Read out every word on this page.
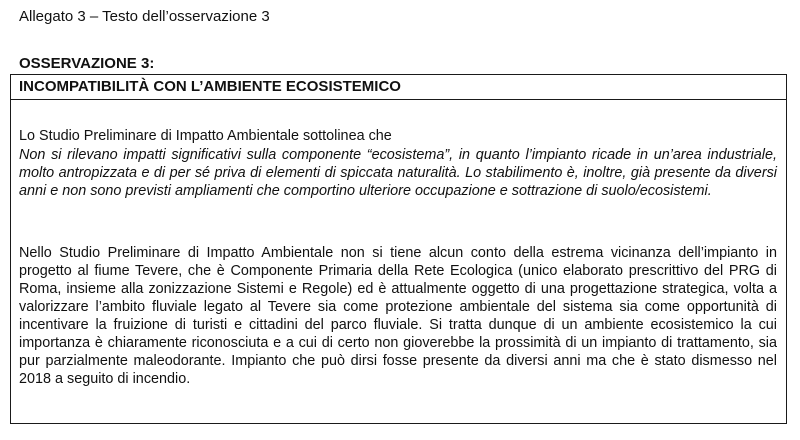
Allegato 3 – Testo dell’osservazione 3
OSSERVAZIONE 3:
INCOMPATIBILITÀ CON L’AMBIENTE ECOSISTEMICO

Lo Studio Preliminare di Impatto Ambientale sottolinea che

Non si rilevano impatti significativi sulla componente “ecosistema”, in quanto l’impianto ricade in un’area industriale, molto antropizzata e di per sé priva di elementi di spiccata naturalità. Lo stabilimento è, inoltre, già presente da diversi anni e non sono previsti ampliamenti che comportino ulteriore occupazione e sottrazione di suolo/ecosistemi.

Nello Studio Preliminare di Impatto Ambientale non si tiene alcun conto della estrema vicinanza dell’impianto in progetto al fiume Tevere, che è Componente Primaria della Rete Ecologica (unico elaborato prescrittivo del PRG di Roma, insieme alla zonizzazione Sistemi e Regole) ed è attualmente oggetto di una progettazione strategica, volta a valorizzare l’ambito fluviale legato al Tevere sia come protezione ambientale del sistema sia come opportunità di incentivare la fruizione di turisti e cittadini del parco fluviale. Si tratta dunque di un ambiente ecosistemico la cui importanza è chiaramente riconosciuta e a cui di certo non gioverebbe la prossimità di un impianto di trattamento, sia pur parzialmente maleodorante. Impianto che può dirsi fosse presente da diversi anni ma che è stato dismesso nel 2018 a seguito di incendio.
